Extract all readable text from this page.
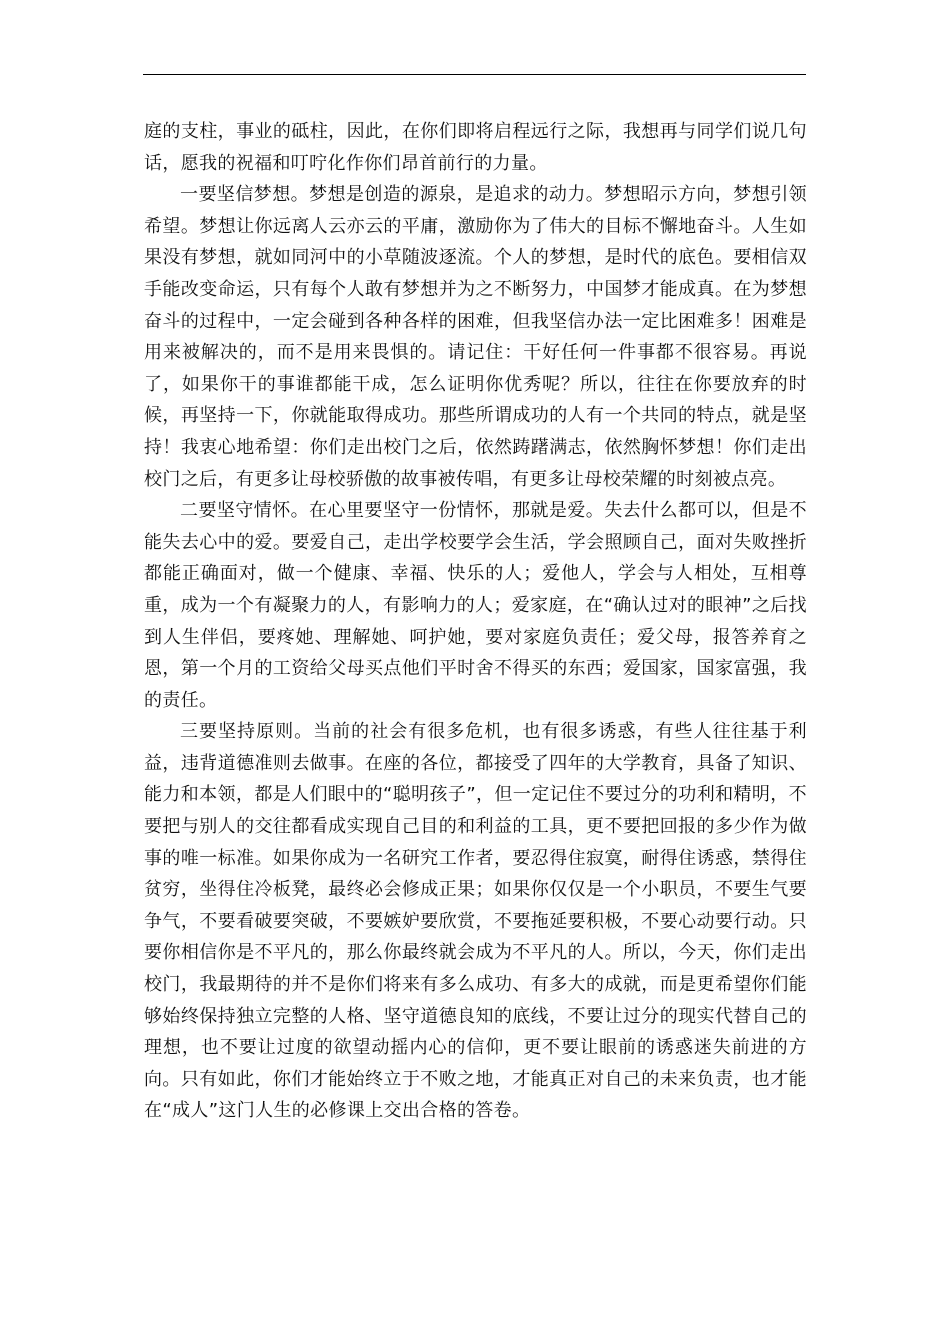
庭的支柱，事业的砥柱，因此，在你们即将启程远行之际，我想再与同学们说几句话，愿我的祝福和叮咛化作你们昂首前行的力量。

一要坚信梦想。梦想是创造的源泉，是追求的动力。梦想昭示方向，梦想引领希望。梦想让你远离人云亦云的平庸，激励你为了伟大的目标不懈地奋斗。人生如果没有梦想，就如同河中的小草随波逐流。个人的梦想，是时代的底色。要相信双手能改变命运，只有每个人敢有梦想并为之不断努力，中国梦才能成真。在为梦想奋斗的过程中，一定会碰到各种各样的困难，但我坚信办法一定比困难多！困难是用来被解决的，而不是用来畏惧的。请记住：干好任何一件事都不很容易。再说了，如果你干的事谁都能干成，怎么证明你优秀呢？所以，往往在你要放弃的时候，再坚持一下，你就能取得成功。那些所谓成功的人有一个共同的特点，就是坚持！我衷心地希望：你们走出校门之后，依然踌躇满志，依然胸怀梦想！你们走出校门之后，有更多让母校骄傲的故事被传唱，有更多让母校荣耀的时刻被点亮。

二要坚守情怀。在心里要坚守一份情怀，那就是爱。失去什么都可以，但是不能失去心中的爱。要爱自己，走出学校要学会生活，学会照顾自己，面对失败挫折都能正确面对，做一个健康、幸福、快乐的人；爱他人，学会与人相处，互相尊重，成为一个有凝聚力的人，有影响力的人；爱家庭，在“确认过对的眼神”之后找到人生伴侣，要疼她、理解她、呵护她，要对家庭负责任；爱父母，报答养育之恩，第一个月的工资给父母买点他们平时舍不得买的东西；爱国家，国家富强，我的责任。

三要坚持原则。当前的社会有很多危机，也有很多诱惑，有些人往往基于利益，违背道德准则去做事。在座的各位，都接受了四年的大学教育，具备了知识、能力和本领，都是人们眼中的“聪明孩子”，但一定记住不要过分的功利和精明，不要把与别人的交往都看成实现自己目的和利益的工具，更不要把回报的多少作为做事的唯一标准。如果你成为一名研究工作者，要忍得住寂寞，耐得住诱惑，禁得住贫穷，坐得住冷板凳，最终必会修成正果；如果你仅仅是一个小职员，不要生气要争气，不要看破要突破，不要嫉妒要欣赏，不要拖延要积极，不要心动要行动。只要你相信你是不平凡的，那么你最终就会成为不平凡的人。所以，今天，你们走出校门，我最期待的并不是你们将来有多么成功、有多大的成就，而是更希望你们能够始终保持独立完整的人格、坚守道德良知的底线，不要让过分的现实代替自己的理想，也不要让过度的欲望动摇内心的信仰，更不要让眼前的诱惑迷失前进的方向。只有如此，你们才能始终立于不败之地，才能真正对自己的未来负责，也才能在“成人”这门人生的必修课上交出合格的答卷。
